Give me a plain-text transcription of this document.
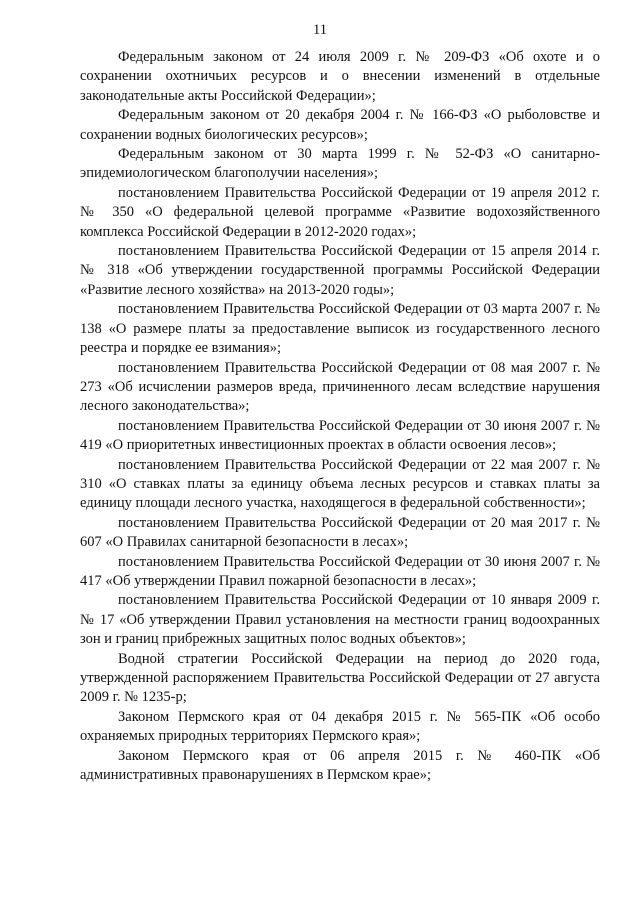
11

Федеральным законом от 24 июля 2009 г. № 209-ФЗ «Об охоте и о сохранении охотничьих ресурсов и о внесении изменений в отдельные законодательные акты Российской Федерации»;

Федеральным законом от 20 декабря 2004 г. № 166-ФЗ «О рыболовстве и сохранении водных биологических ресурсов»;

Федеральным законом от 30 марта 1999 г. № 52-ФЗ «О санитарно-эпидемиологическом благополучии населения»;

постановлением Правительства Российской Федерации от 19 апреля 2012 г. № 350 «О федеральной целевой программе «Развитие водохозяйственного комплекса Российской Федерации в 2012-2020 годах»;

постановлением Правительства Российской Федерации от 15 апреля 2014 г. № 318 «Об утверждении государственной программы Российской Федерации «Развитие лесного хозяйства» на 2013-2020 годы»;

постановлением Правительства Российской Федерации от 03 марта 2007 г. № 138 «О размере платы за предоставление выписок из государственного лесного реестра и порядке ее взимания»;

постановлением Правительства Российской Федерации от 08 мая 2007 г. № 273 «Об исчислении размеров вреда, причиненного лесам вследствие нарушения лесного законодательства»;

постановлением Правительства Российской Федерации от 30 июня 2007 г. № 419 «О приоритетных инвестиционных проектах в области освоения лесов»;

постановлением Правительства Российской Федерации от 22 мая 2007 г. № 310 «О ставках платы за единицу объема лесных ресурсов и ставках платы за единицу площади лесного участка, находящегося в федеральной собственности»;

постановлением Правительства Российской Федерации от 20 мая 2017 г. № 607 «О Правилах санитарной безопасности в лесах»;

постановлением Правительства Российской Федерации от 30 июня 2007 г. № 417 «Об утверждении Правил пожарной безопасности в лесах»;

постановлением Правительства Российской Федерации от 10 января 2009 г. № 17 «Об утверждении Правил установления на местности границ водоохранных зон и границ прибрежных защитных полос водных объектов»;

Водной стратегии Российской Федерации на период до 2020 года, утвержденной распоряжением Правительства Российской Федерации от 27 августа 2009 г. № 1235-р;

Законом Пермского края от 04 декабря 2015 г. № 565-ПК «Об особо охраняемых природных территориях Пермского края»;

Законом Пермского края от 06 апреля 2015 г. № 460-ПК «Об административных правонарушениях в Пермском крае»;
